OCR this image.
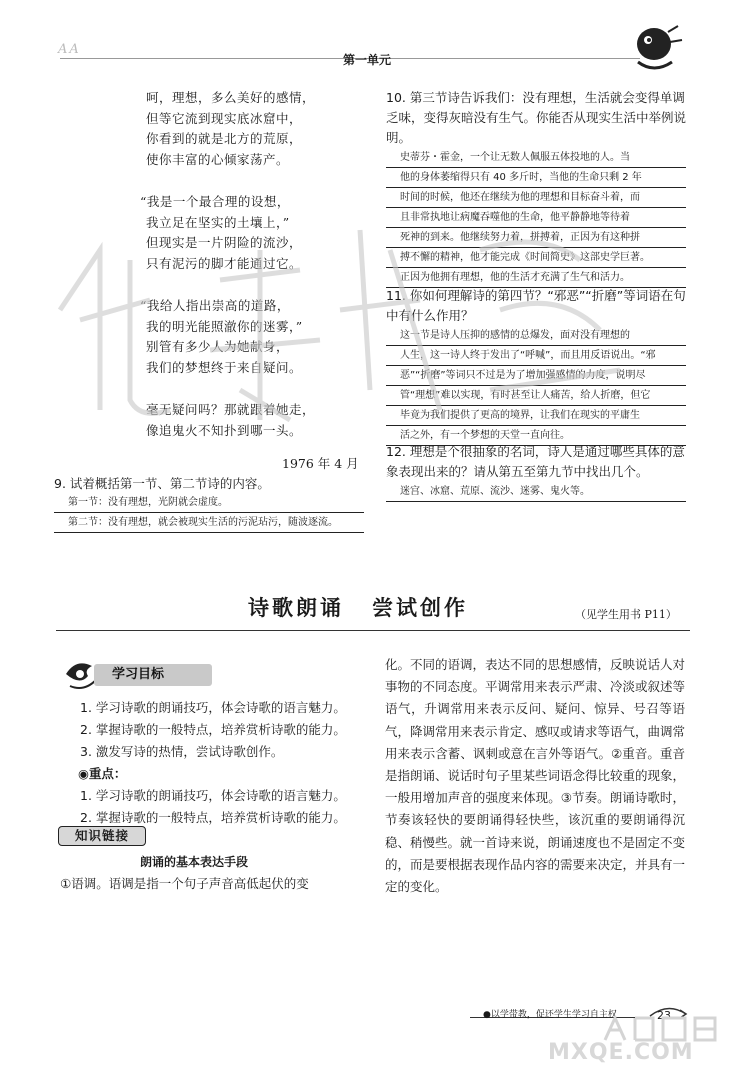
AA
第一单元
呵，理想，多么美好的感情，
但等它流到现实底冰窟中，
你看到的就是北方的荒原，
使你丰富的心倾家荡产。
“我是一个最合理的设想，
我立足在坚实的土壤上，”
但现实是一片阴险的流沙，
只有泥污的脚才能通过它。
“我给人指出崇高的道路，
我的明光能照澈你的迷雾，”
别管有多少人为她献身，
我们的梦想终于来自疑问。
毫无疑问吗？那就跟着她走，
像追鬼火不知扑到哪一头。
1976 年 4 月
9. 试着概括第一节、第二节诗的内容。
第一节：没有理想，光阴就会虚度。
第二节：没有理想，就会被现实生活的污泥玷污，随波逐流。
10. 第三节诗告诉我们：没有理想，生活就会变得单调乏味，变得灰暗没有生气。你能否从现实生活中举例说明。
史蒂芬・霍金，一个让无数人佩服五体投地的人。当
他的身体萎缩得只有 40 多斤时，当他的生命只剩 2 年
时间的时候，他还在继续为他的理想和目标奋斗着，而
且非常执地让病魔吞噬他的生命，他平静静地等待着
死神的到来。他继续努力着，拼搏着，正因为有这种拼
搏不懈的精神，他才能完成《时间简史》这部史学巨著。
正因为他拥有理想，他的生活才充满了生气和活力。
11. 你如何理解诗的第四节？“邪恶”“折磨”等词语在句中有什么作用？
这一节是诗人压抑的感情的总爆发，面对没有理想的
人生，这一诗人终于发出了“呼喊”，而且用反语说出。“邪
恶”“折磨”等词只不过是为了增加强感情的力度，说明尽
管“理想”难以实现，有时甚至让人痛苦，给人折磨，但它
毕竟为我们提供了更高的境界，让我们在现实的平庸生
活之外，有一个梦想的天堂一直向往。
12. 理想是个很抽象的名词，诗人是通过哪些具体的意象表现出来的？请从第五至第九节中找出几个。
迷宫、冰窟、荒原、流沙、迷雾、鬼火等。
诗歌朗诵 尝试创作	（见学生用书 P11）
学习目标
1. 学习诗歌的朗诵技巧，体会诗歌的语言魅力。
2. 掌握诗歌的一般特点，培养赏析诗歌的能力。
3. 激发写诗的热情，尝试诗歌创作。
◉重点：
1. 学习诗歌的朗诵技巧，体会诗歌的语言魅力。
2. 掌握诗歌的一般特点，培养赏析诗歌的能力。
知识链接
朗诵的基本表达手段
①语调。语调是指一个句子声音高低起伏的变
化。不同的语调，表达不同的思想感情，反映说话人对事物的不同态度。平调常用来表示严肃、冷淡或叙述等语气，升调常用来表示反问、疑问、惊异、号召等语气，降调常用来表示肯定、感叹或请求等语气，曲调常用来表示含蓄、讽刺或意在言外等语气。②重音。重音是指朗诵、说话时句子里某些词语念得比较重的现象，一般用增加声音的强度来体现。③节奏。朗诵诗歌时，节奏该轻快的要朗诵得轻快些，该沉重的要朗诵得沉稳、稍慢些。就一首诗来说，朗诵速度也不是固定不变的，而是要根据表现作品内容的需要来决定，并具有一定的变化。
●以学带教，促还学生学习自主权	23
MXQE.COM
